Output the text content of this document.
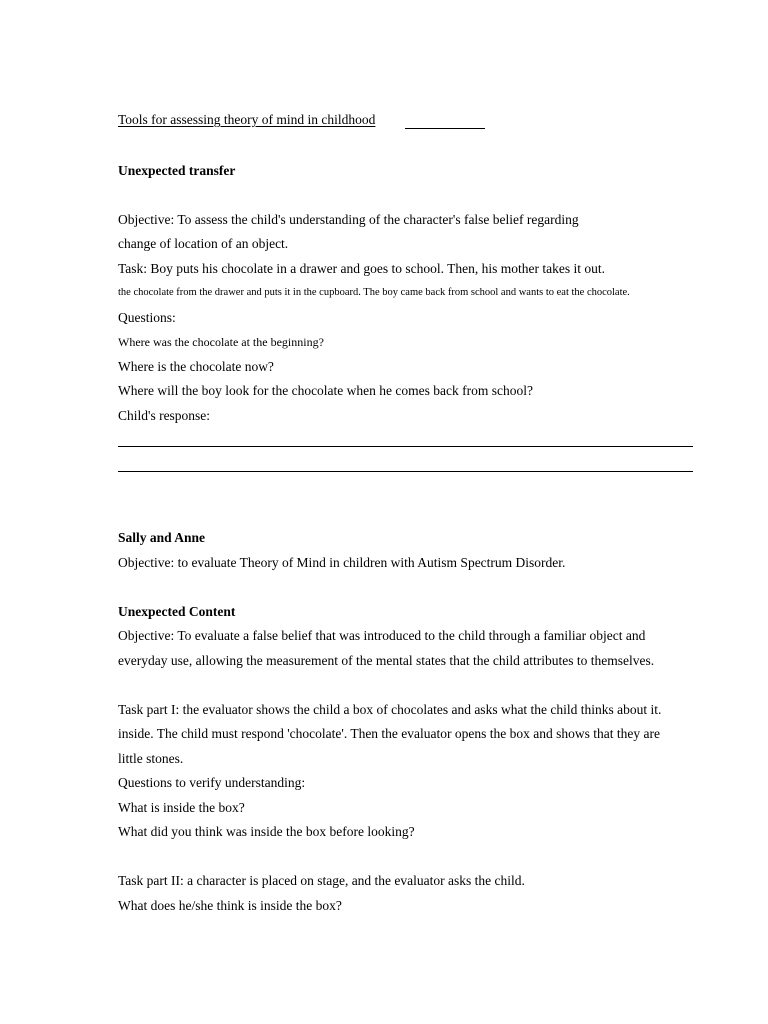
Tools for assessing theory of mind in childhood
Unexpected transfer
Objective: To assess the child's understanding of the character's false belief regarding
change of location of an object.
Task: Boy puts his chocolate in a drawer and goes to school. Then, his mother takes it out.
the chocolate from the drawer and puts it in the cupboard. The boy came back from school and wants to eat the chocolate.
Questions:
Where was the chocolate at the beginning?
Where is the chocolate now?
Where will the boy look for the chocolate when he comes back from school?
Child's response:
Sally and Anne
Objective: to evaluate Theory of Mind in children with Autism Spectrum Disorder.
Unexpected Content
Objective: To evaluate a false belief that was introduced to the child through a familiar object and
everyday use, allowing the measurement of the mental states that the child attributes to themselves.
Task part I: the evaluator shows the child a box of chocolates and asks what the child thinks about it.
inside. The child must respond 'chocolate'. Then the evaluator opens the box and shows that they are
little stones.
Questions to verify understanding:
What is inside the box?
What did you think was inside the box before looking?
Task part II: a character is placed on stage, and the evaluator asks the child.
What does he/she think is inside the box?
